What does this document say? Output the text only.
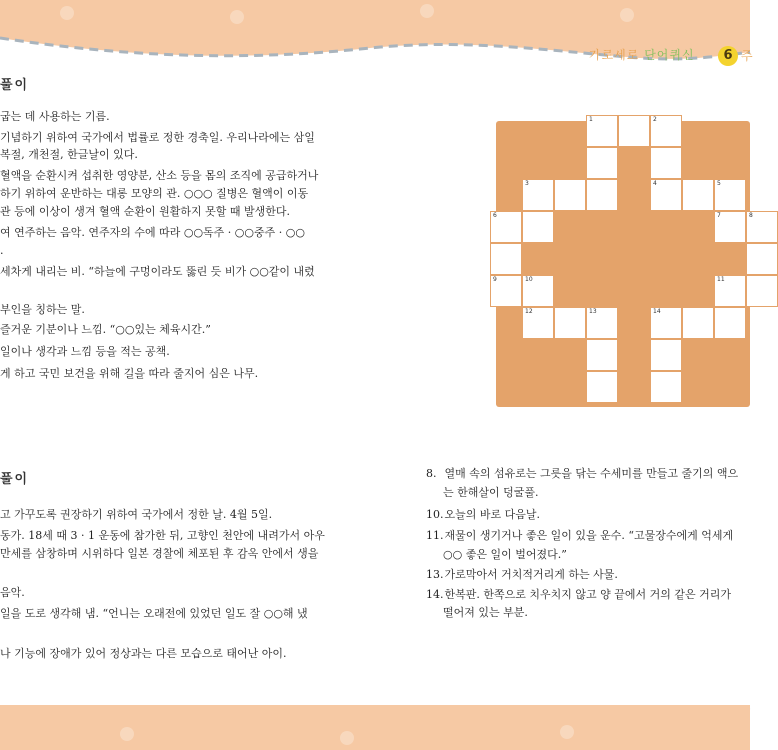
가로세로 단어퀴신	6 주
풀이
굽는 데 사용하는 기름.
기념하기 위하여 국가에서 법률로 정한 경축일. 우리나라에는 삼일
복절, 개천절, 한글날이 있다.
혈액을 순환시켜 섭취한 영양분, 산소 등을 몸의 조직에 공급하거나
하기 위하여 운반하는 대롱 모양의 관. ○○○ 질병은 혈액이 이동
관 등에 이상이 생겨 혈액 순환이 원활하지 못할 때 발생한다.
여 연주하는 음악. 연주자의 수에 따라 ○○독주 · ○○중주 · ○○
.
세차게 내리는 비. “하늘에 구멍이라도 뚫린 듯 비가 ○○같이 내렸
부인을 칭하는 말.
즐거운 기분이나 느낌. “○○있는 체육시간.”
일이나 생각과 느낌 등을 적는 공책.
게 하고 국민 보건을 위해 길을 따라 줄지어 심은 나무.
1	2
3	4	5
6	7	8
9	10	11
12	13	14
풀이
고 가꾸도록 권장하기 위하여 국가에서 정한 날. 4월 5일.
동가. 18세 때 3 · 1 운동에 참가한 뒤, 고향인 천안에 내려가서 아우
만세를 삼창하며 시위하다 일본 경찰에 체포된 후 감옥 안에서 생을
음악.
일을 도로 생각해 냄. “언니는 오래전에 있었던 일도 잘 ○○해 냈
나 기능에 장애가 있어 정상과는 다른 모습으로 태어난 아이.
8. 열매 속의 섬유로는 그릇을 닦는 수세미를 만들고 줄기의 액으
는 한해살이 덩굴풀.
10. 오늘의 바로 다음날.
11. 재물이 생기거나 좋은 일이 있을 운수. “고물장수에게 억세게
○○ 좋은 일이 벌어졌다.”
13. 가로막아서 거치적거리게 하는 사물.
14. 한복판. 한쪽으로 치우치지 않고 양 끝에서 거의 같은 거리가
떨어져 있는 부분.
